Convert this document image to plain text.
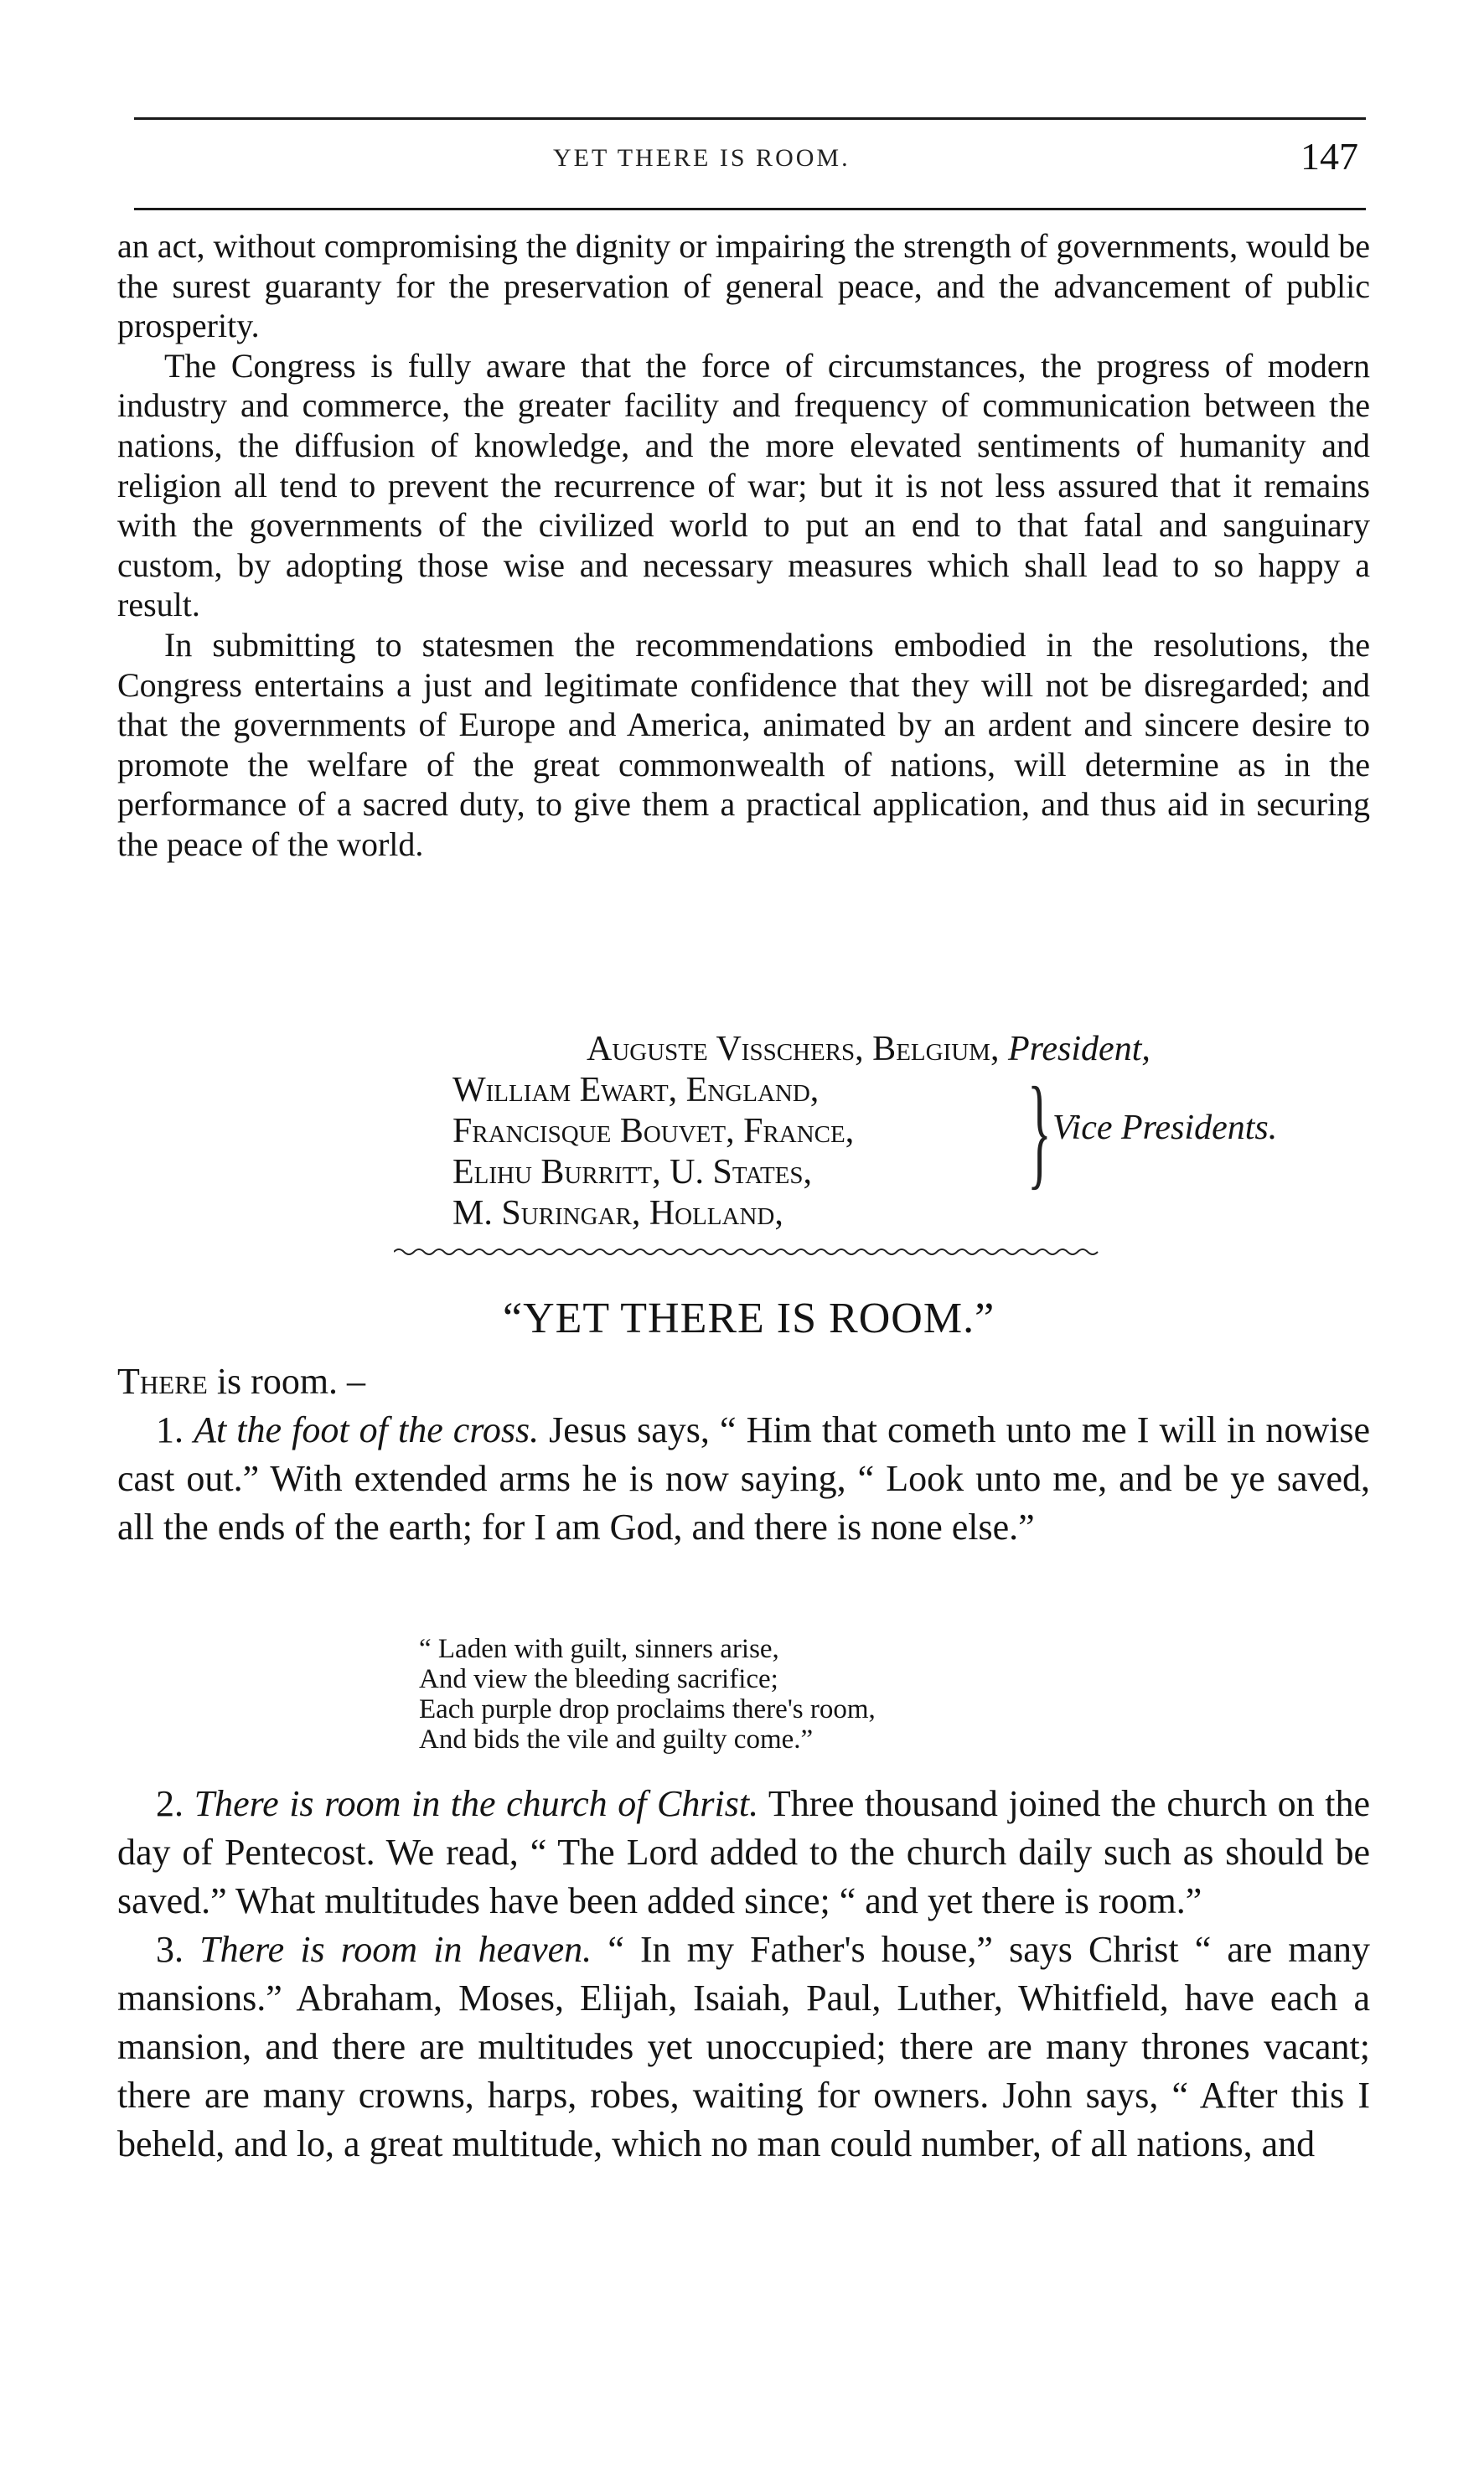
YET THERE IS ROOM.	147

an act, without compromising the dignity or impairing the strength of governments, would be the surest guaranty for the preservation of general peace, and the advancement of public prosperity.

The Congress is fully aware that the force of circumstances, the progress of modern industry and commerce, the greater facility and frequency of communication between the nations, the diffusion of knowledge, and the more elevated sentiments of humanity and religion all tend to prevent the recurrence of war; but it is not less assured that it remains with the governments of the civilized world to put an end to that fatal and sanguinary custom, by adopting those wise and necessary measures which shall lead to so happy a result.

In submitting to statesmen the recommendations embodied in the resolutions, the Congress entertains a just and legitimate confidence that they will not be disregarded; and that the governments of Europe and America, animated by an ardent and sincere desire to promote the welfare of the great commonwealth of nations, will determine as in the performance of a sacred duty, to give them a practical application, and thus aid in securing the peace of the world.

Auguste Visschers, Belgium, President,
William Ewart, England,
Francisque Bouvet, France,
Elihu Burritt, U. States,
M. Suringar, Holland,
} Vice Presidents.
“YET THERE IS ROOM.”

There is room. –

1. At the foot of the cross. Jesus says, “ Him that cometh unto me I will in nowise cast out.” With extended arms he is now saying, “ Look unto me, and be ye saved, all the ends of the earth; for I am God, and there is none else.”

“ Laden with guilt, sinners arise,
And view the bleeding sacrifice;
Each purple drop proclaims there's room,
And bids the vile and guilty come.”

2. There is room in the church of Christ. Three thousand joined the church on the day of Pentecost. We read, “ The Lord added to the church daily such as should be saved.” What multitudes have been added since; “ and yet there is room.”

3. There is room in heaven. “ In my Father's house,” says Christ “ are many mansions.” Abraham, Moses, Elijah, Isaiah, Paul, Luther, Whitfield, have each a mansion, and there are multitudes yet unoccupied; there are many thrones vacant; there are many crowns, harps, robes, waiting for owners. John says, “ After this I beheld, and lo, a great multitude, which no man could number, of all nations, and
